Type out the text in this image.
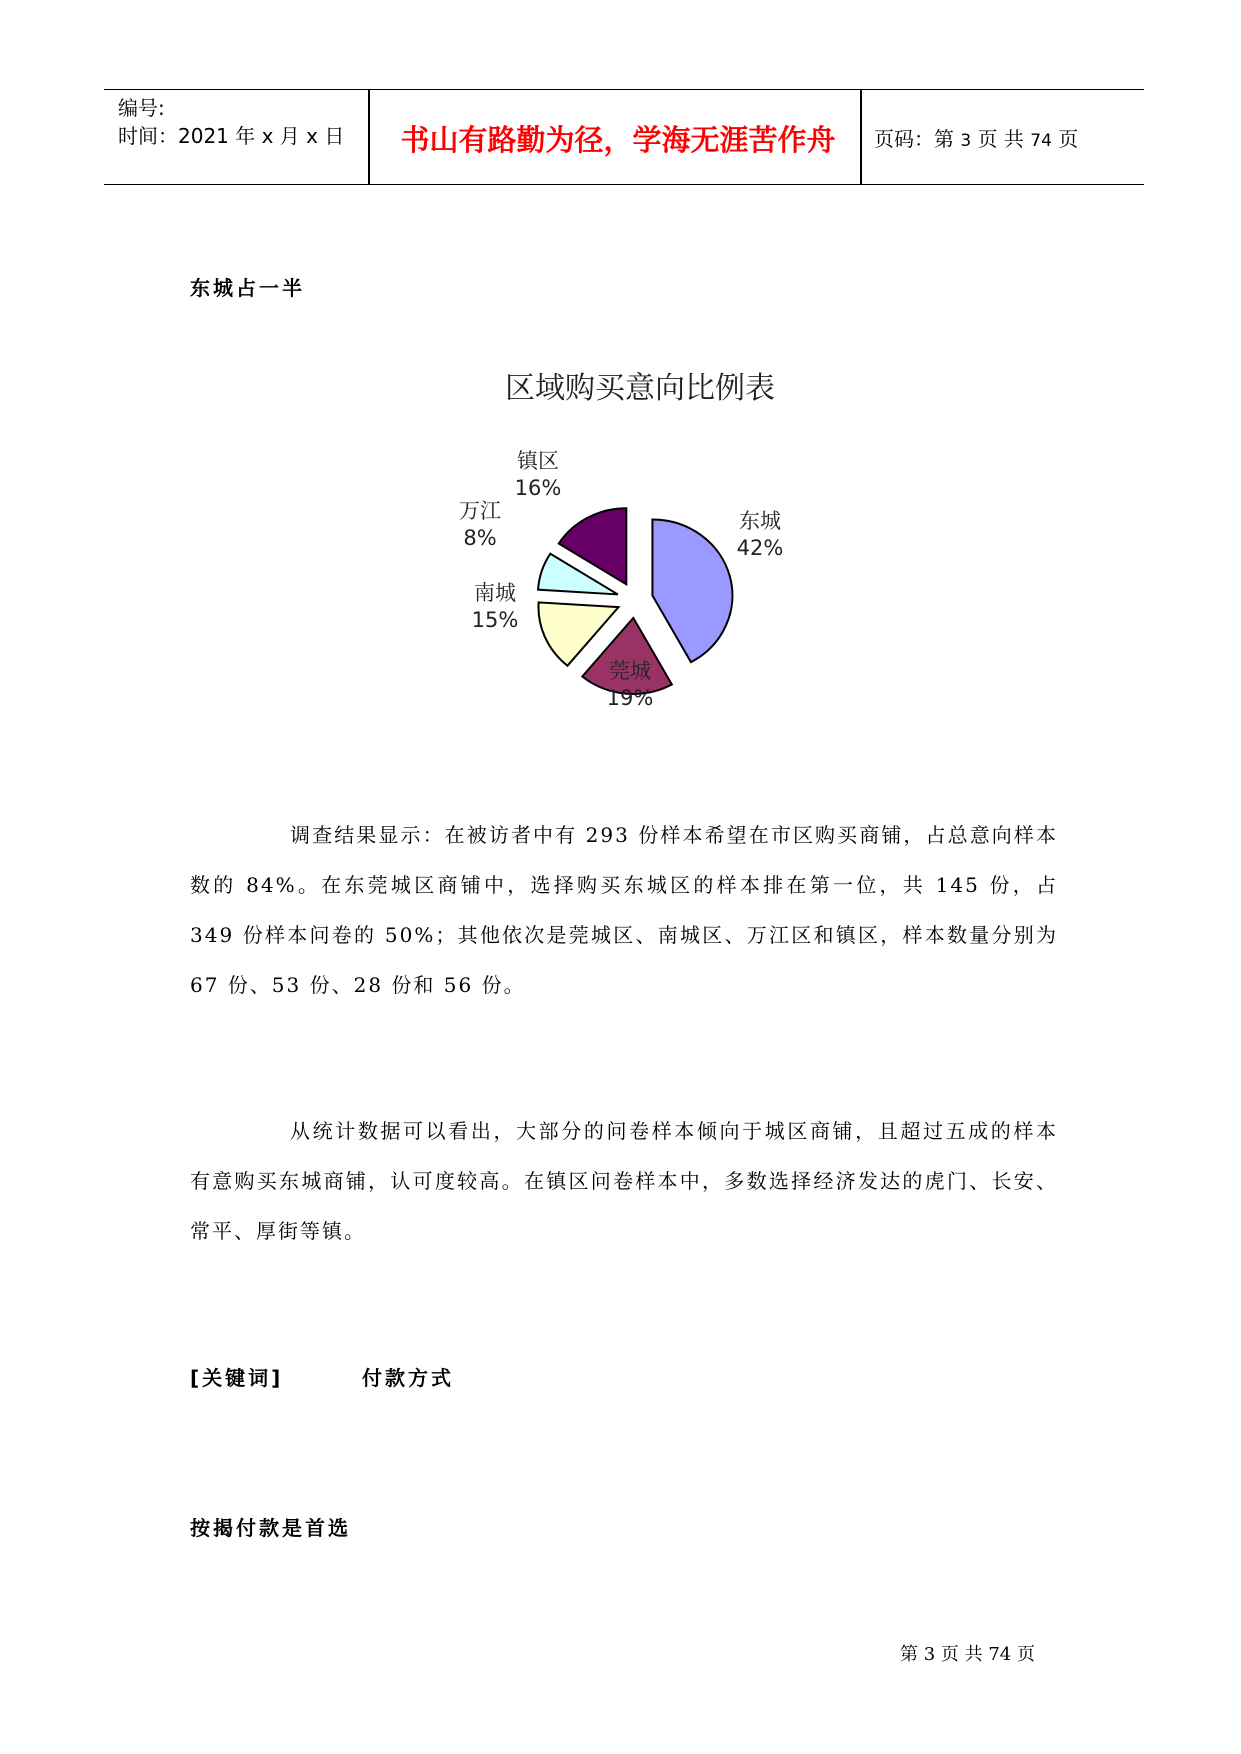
编号:
时间：2021 年 x 月 x 日	书山有路勤为径，学海无涯苦作舟	页码：第 3 页 共 74 页
东城占一半
区域购买意向比例表
东城
42%
莞城
19%
南城
15%
万江
8%
镇区
16%

调查结果显示：在被访者中有 293 份样本希望在市区购买商铺，占总意向样本数的 84%。在东莞城区商铺中，选择购买东城区的样本排在第一位，共 145 份，占 349 份样本问卷的 50%；其他依次是莞城区、南城区、万江区和镇区，样本数量分别为 67 份、53 份、28 份和 56 份。

从统计数据可以看出，大部分的问卷样本倾向于城区商铺，且超过五成的样本有意购买东城商铺，认可度较高。在镇区问卷样本中，多数选择经济发达的虎门、长安、常平、厚街等镇。

[关键词]	付款方式
按揭付款是首选
第 3 页 共 74 页
